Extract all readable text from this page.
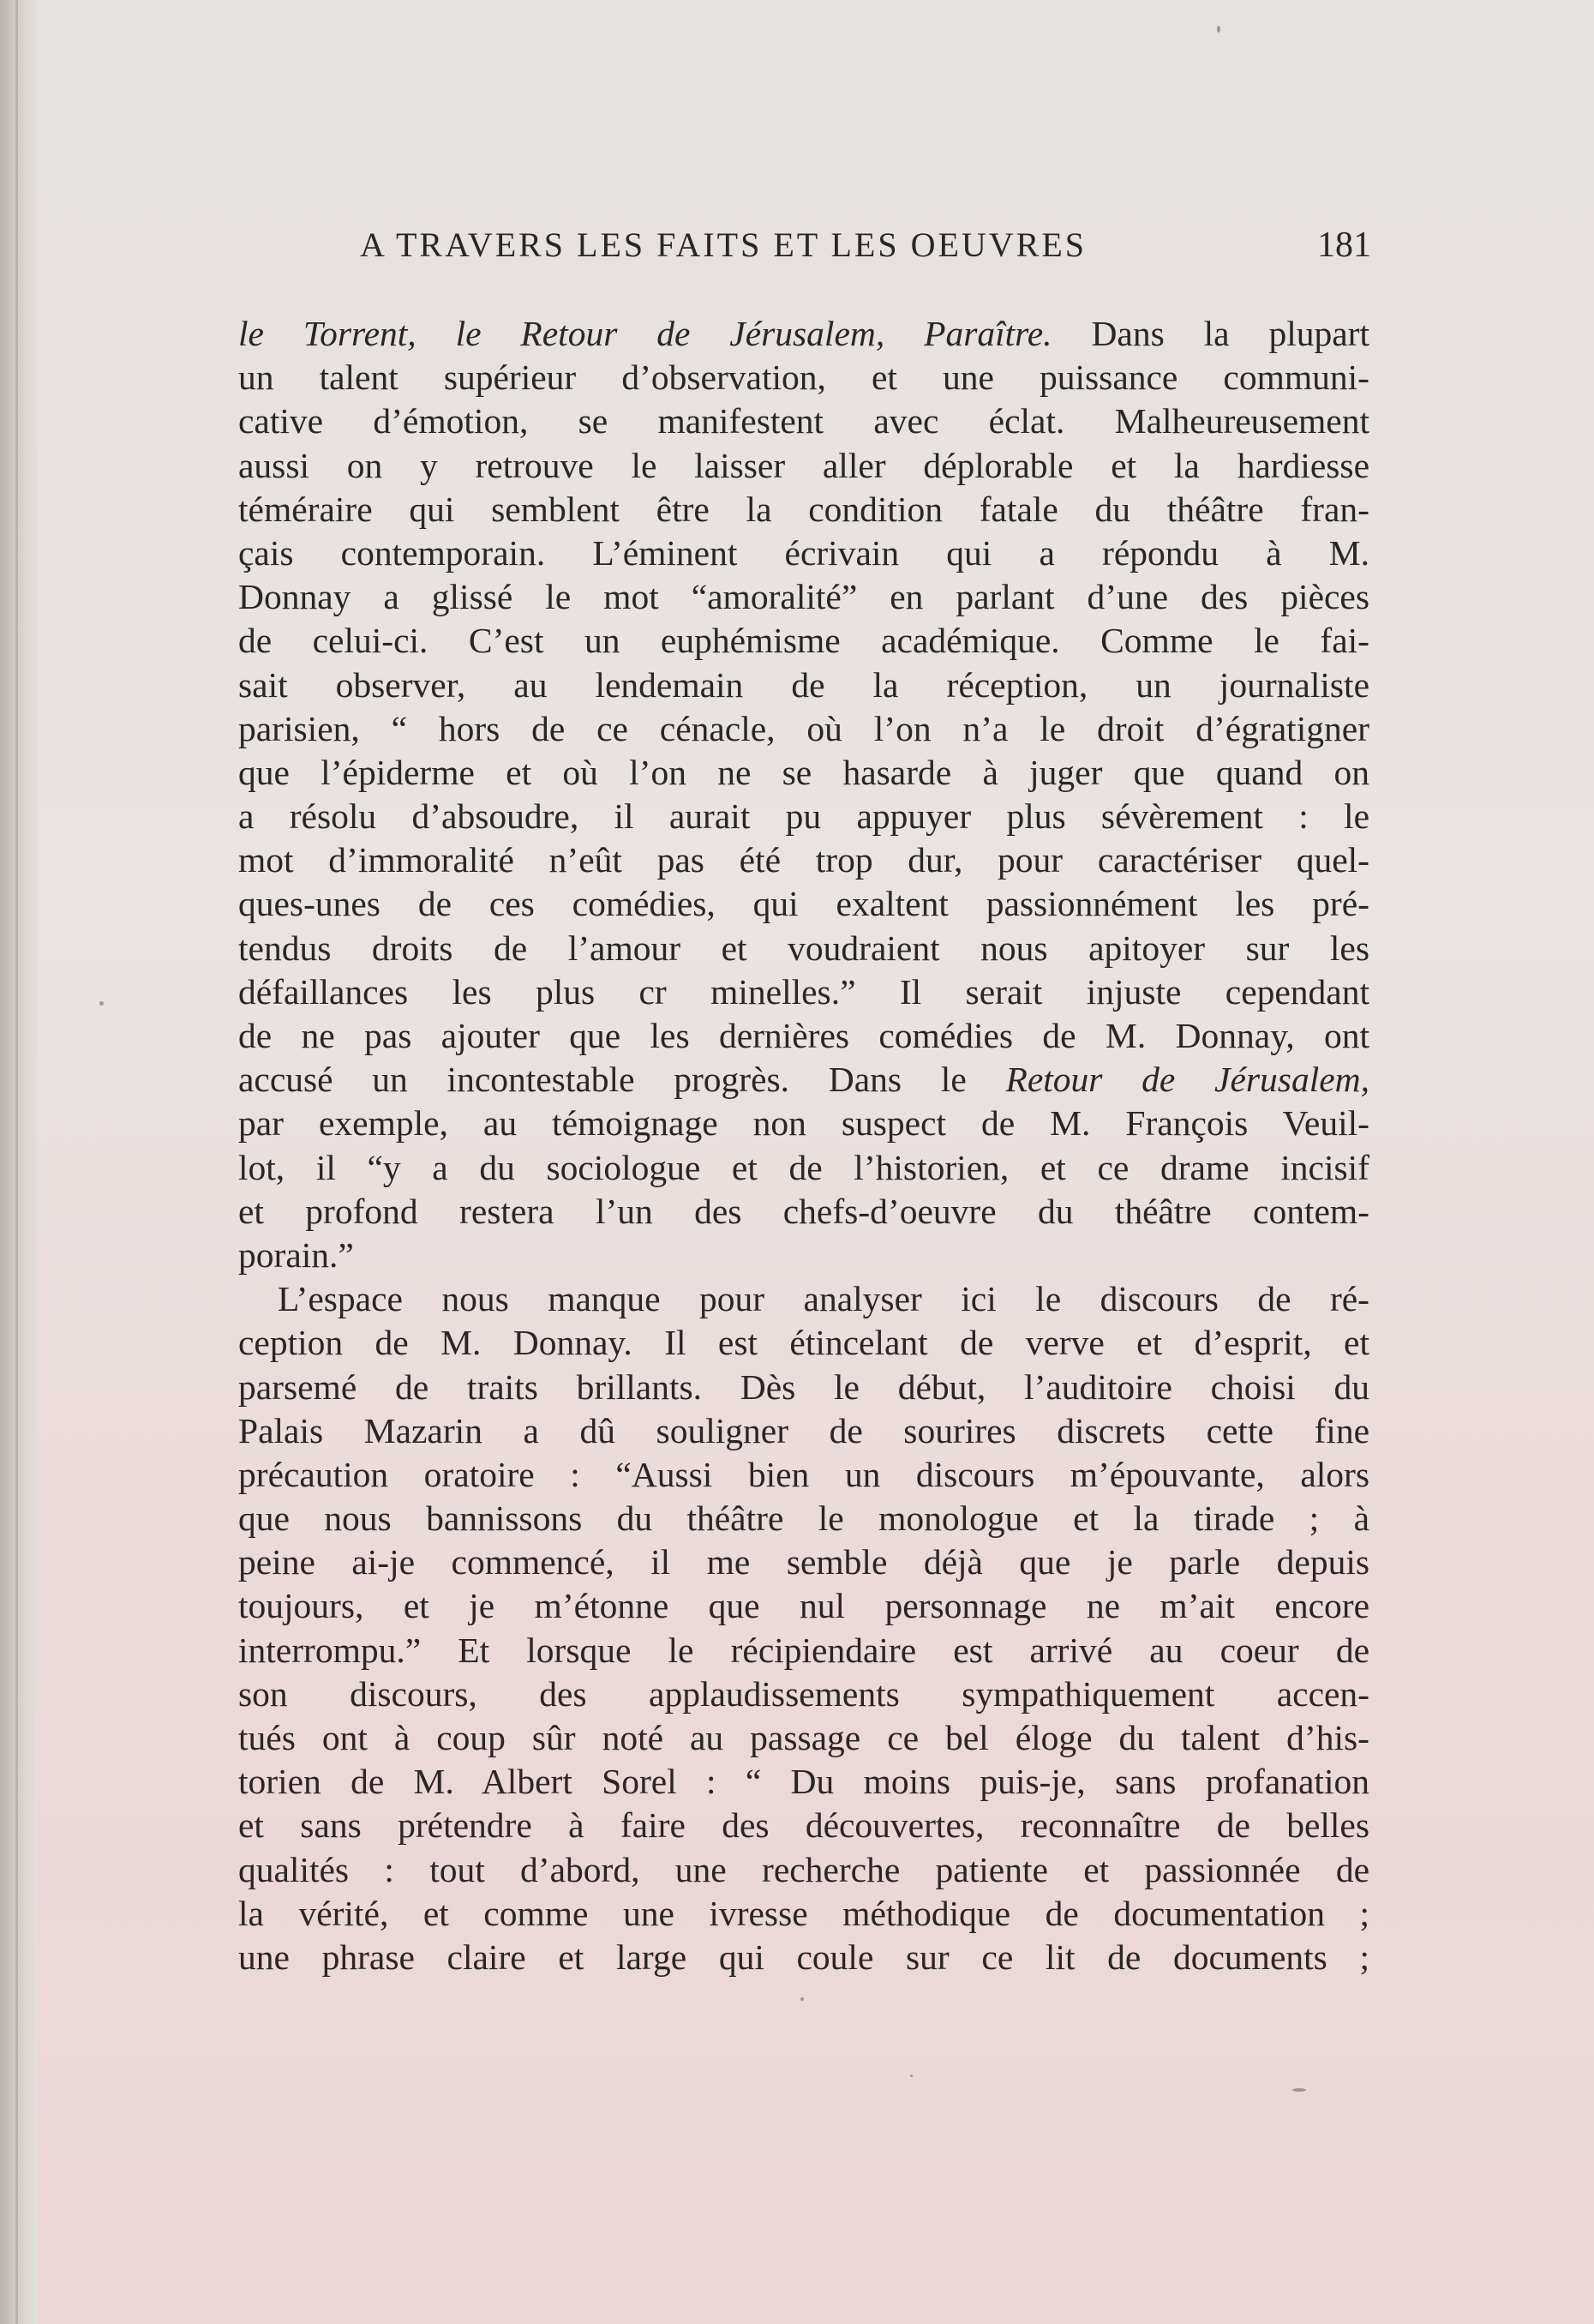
A TRAVERS LES FAITS ET LES OEUVRES	181
le Torrent, le Retour de Jérusalem, Paraître. Dans la plupart
un talent supérieur d’observation, et une puissance communi-
cative d’émotion, se manifestent avec éclat. Malheureusement
aussi on y retrouve le laisser aller déplorable et la hardiesse
téméraire qui semblent être la condition fatale du théâtre fran-
çais contemporain. L’éminent écrivain qui a répondu à M.
Donnay a glissé le mot “amoralité” en parlant d’une des pièces
de celui-ci. C’est un euphémisme académique. Comme le fai-
sait observer, au lendemain de la réception, un journaliste
parisien, “ hors de ce cénacle, où l’on n’a le droit d’égratigner
que l’épiderme et où l’on ne se hasarde à juger que quand on
a résolu d’absoudre, il aurait pu appuyer plus sévèrement : le
mot d’immoralité n’eût pas été trop dur, pour caractériser quel-
ques-unes de ces comédies, qui exaltent passionnément les pré-
tendus droits de l’amour et voudraient nous apitoyer sur les
défaillances les plus cr minelles.” Il serait injuste cependant
de ne pas ajouter que les dernières comédies de M. Donnay, ont
accusé un incontestable progrès. Dans le Retour de Jérusalem,
par exemple, au témoignage non suspect de M. François Veuil-
lot, il “y a du sociologue et de l’historien, et ce drame incisif
et profond restera l’un des chefs-d’oeuvre du théâtre contem-
porain.”
L’espace nous manque pour analyser ici le discours de ré-
ception de M. Donnay. Il est étincelant de verve et d’esprit, et
parsemé de traits brillants. Dès le début, l’auditoire choisi du
Palais Mazarin a dû souligner de sourires discrets cette fine
précaution oratoire : “Aussi bien un discours m’épouvante, alors
que nous bannissons du théâtre le monologue et la tirade ; à
peine ai-je commencé, il me semble déjà que je parle depuis
toujours, et je m’étonne que nul personnage ne m’ait encore
interrompu.” Et lorsque le récipiendaire est arrivé au coeur de
son discours, des applaudissements sympathiquement accen-
tués ont à coup sûr noté au passage ce bel éloge du talent d’his-
torien de M. Albert Sorel : “ Du moins puis-je, sans profanation
et sans prétendre à faire des découvertes, reconnaître de belles
qualités : tout d’abord, une recherche patiente et passionnée de
la vérité, et comme une ivresse méthodique de documentation ;
une phrase claire et large qui coule sur ce lit de documents ;
